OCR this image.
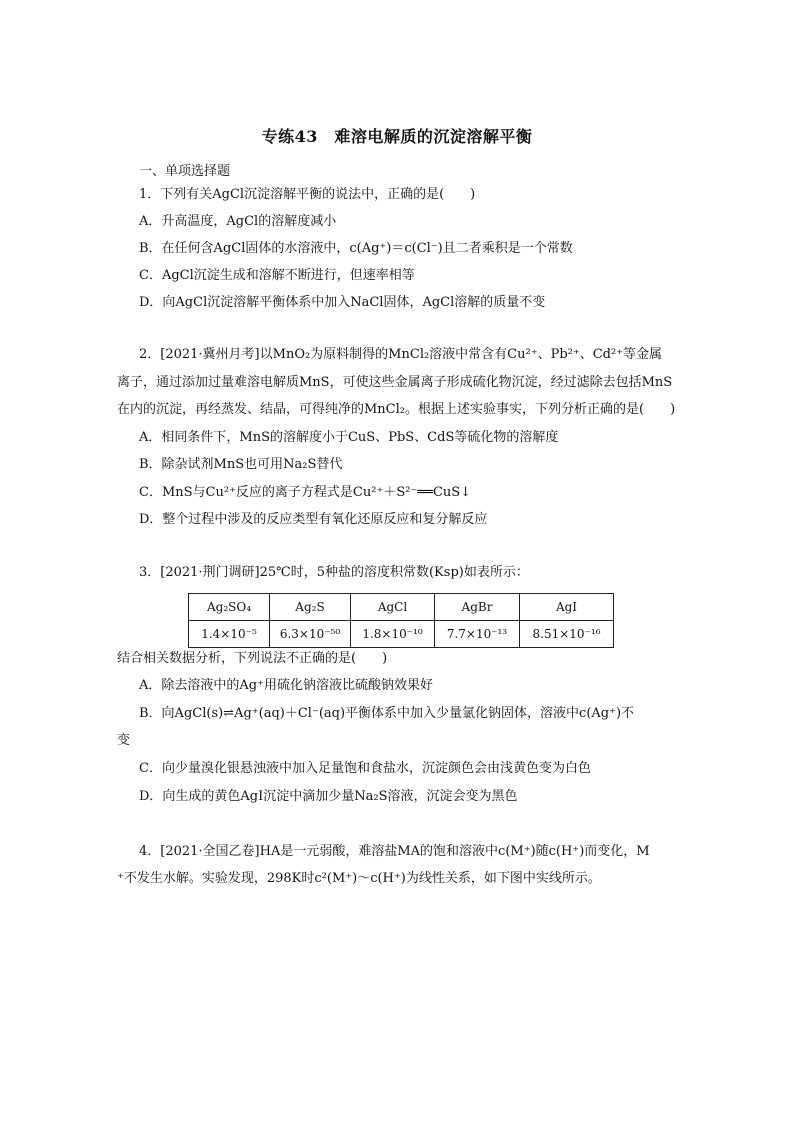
专练43　难溶电解质的沉淀溶解平衡
一、单项选择题
1．下列有关AgCl沉淀溶解平衡的说法中，正确的是(　　)
A．升高温度，AgCl的溶解度减小
B．在任何含AgCl固体的水溶液中，c(Ag⁺)＝c(Cl⁻)且二者乘积是一个常数
C．AgCl沉淀生成和溶解不断进行，但速率相等
D．向AgCl沉淀溶解平衡体系中加入NaCl固体，AgCl溶解的质量不变
2．[2021·冀州月考]以MnO₂为原料制得的MnCl₂溶液中常含有Cu²⁺、Pb²⁺、Cd²⁺等金属
离子，通过添加过量难溶电解质MnS，可使这些金属离子形成硫化物沉淀，经过滤除去包括MnS
在内的沉淀，再经蒸发、结晶，可得纯净的MnCl₂。根据上述实验事实，下列分析正确的是(　　)
A．相同条件下，MnS的溶解度小于CuS、PbS、CdS等硫化物的溶解度
B．除杂试剂MnS也可用Na₂S替代
C．MnS与Cu²⁺反应的离子方程式是Cu²⁺＋S²⁻══CuS↓
D．整个过程中涉及的反应类型有氧化还原反应和复分解反应
3．[2021·荆门调研]25℃时，5种盐的溶度积常数(Ksp)如表所示：
Ag₂SO₄	Ag₂S	AgCl	AgBr	AgI
1.4×10⁻⁵	6.3×10⁻⁵⁰	1.8×10⁻¹⁰	7.7×10⁻¹³	8.51×10⁻¹⁶
结合相关数据分析，下列说法不正确的是(　　)
A．除去溶液中的Ag⁺用硫化钠溶液比硫酸钠效果好
B．向AgCl(s)⇌Ag⁺(aq)＋Cl⁻(aq)平衡体系中加入少量氯化钠固体，溶液中c(Ag⁺)不
变
C．向少量溴化银悬浊液中加入足量饱和食盐水，沉淀颜色会由浅黄色变为白色
D．向生成的黄色AgI沉淀中滴加少量Na₂S溶液，沉淀会变为黑色
4．[2021·全国乙卷]HA是一元弱酸，难溶盐MA的饱和溶液中c(M⁺)随c(H⁺)而变化，M
⁺不发生水解。实验发现，298K时c²(M⁺)～c(H⁺)为线性关系，如下图中实线所示。
